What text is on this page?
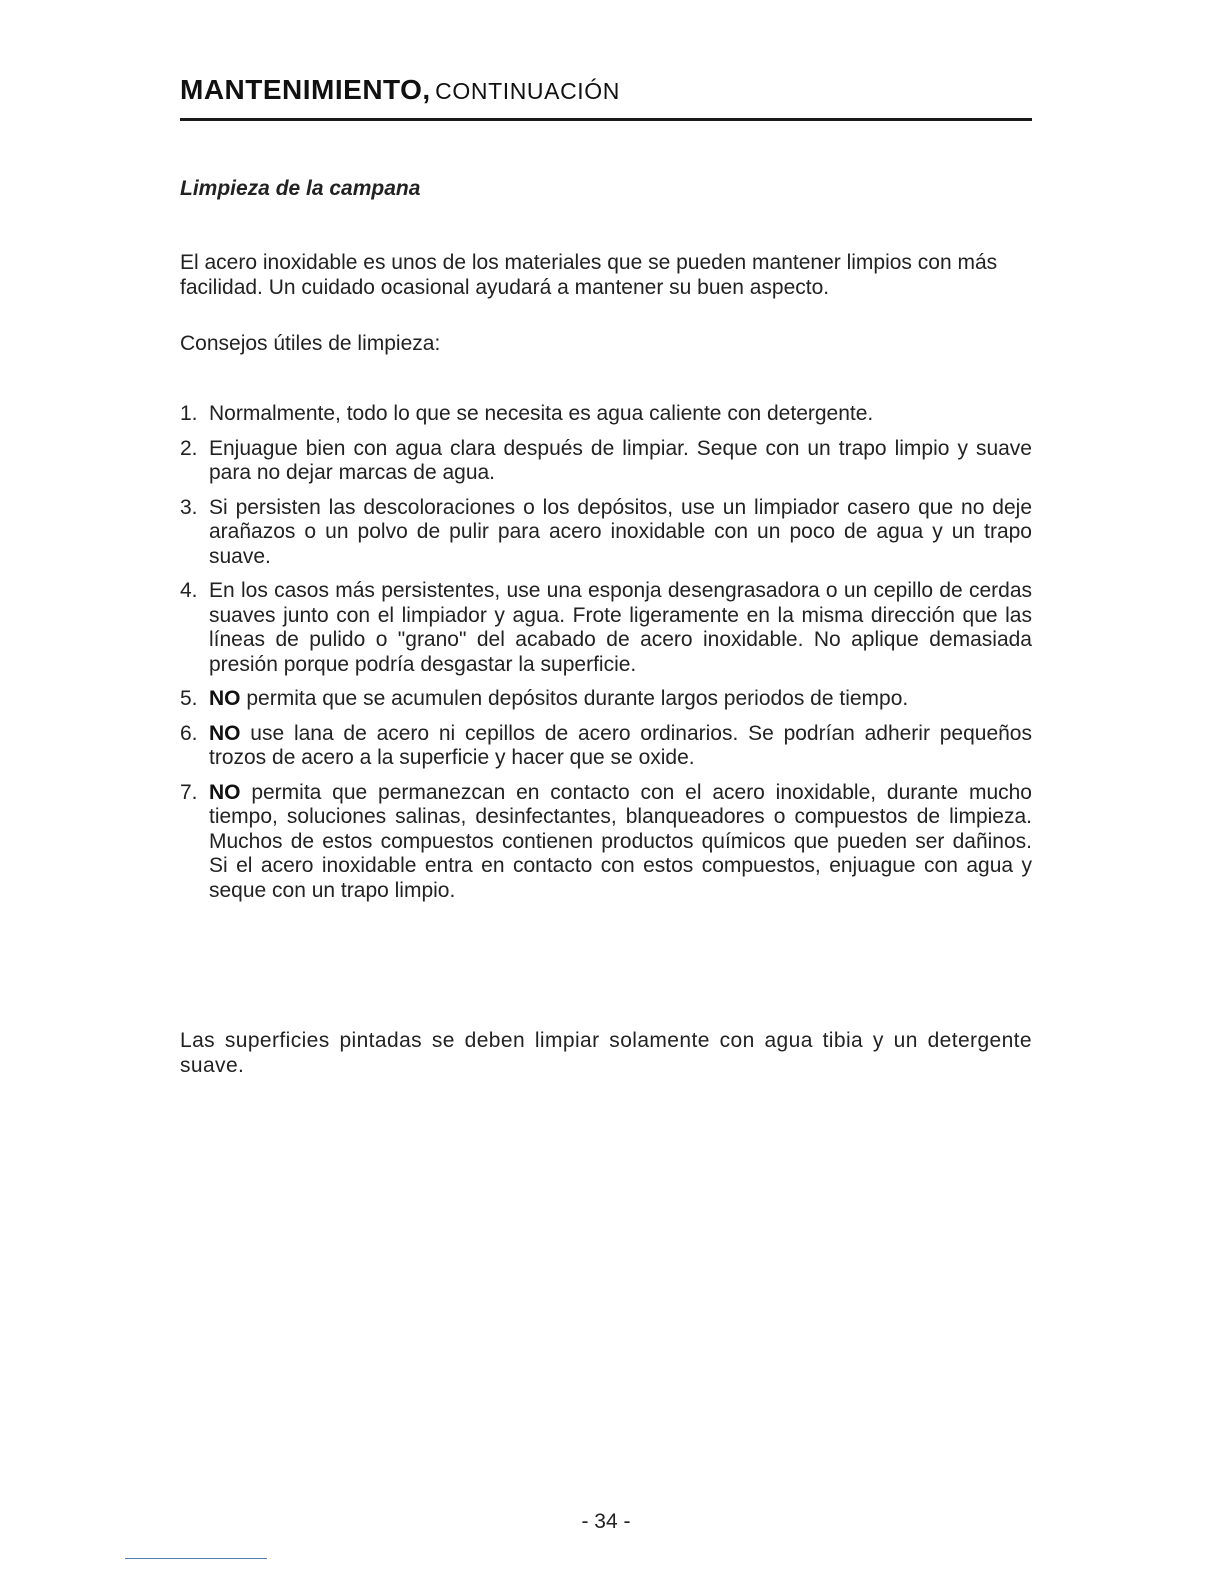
MANTENIMIENTO, CONTINUACIÓN
Limpieza de la campana
El acero inoxidable es unos de los materiales que se pueden mantener limpios con más facilidad. Un cuidado ocasional ayudará a mantener su buen aspecto.
Consejos útiles de limpieza:
1. Normalmente, todo lo que se necesita es agua caliente con detergente.
2. Enjuague bien con agua clara después de limpiar. Seque con un trapo limpio y suave para no dejar marcas de agua.
3. Si persisten las descoloraciones o los depósitos, use un limpiador casero que no deje arañazos o un polvo de pulir para acero inoxidable con un poco de agua y un trapo suave.
4. En los casos más persistentes, use una esponja desengrasadora o un cepillo de cerdas suaves junto con el limpiador y agua. Frote ligeramente en la misma dirección que las líneas de pulido o "grano" del acabado de acero inoxidable. No aplique demasiada presión porque podría desgastar la superficie.
5. NO permita que se acumulen depósitos durante largos periodos de tiempo.
6. NO use lana de acero ni cepillos de acero ordinarios. Se podrían adherir pequeños trozos de acero a la superficie y hacer que se oxide.
7. NO permita que permanezcan en contacto con el acero inoxidable, durante mucho tiempo, soluciones salinas, desinfectantes, blanqueadores o compuestos de limpieza. Muchos de estos compuestos contienen productos químicos que pueden ser dañinos. Si el acero inoxidable entra en contacto con estos compuestos, enjuague con agua y seque con un trapo limpio.
Las superficies pintadas se deben limpiar solamente con agua tibia y un detergente suave.
- 34 -
